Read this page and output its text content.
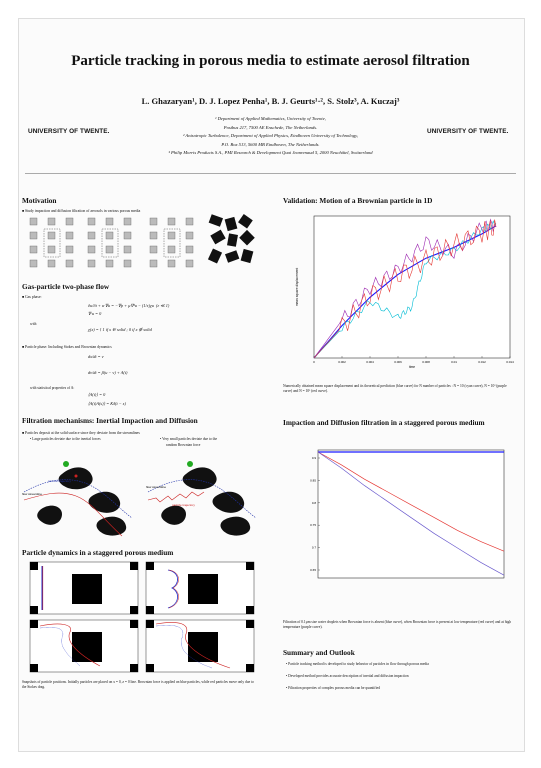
Particle tracking in porous media to estimate aerosol filtration
L. Ghazaryan¹, D. J. Lopez Penha¹, B. J. Geurts¹·², S. Stolz³, A. Kuczaj³
¹ Department of Applied Mathematics, University of Twente,
Postbus 217, 7500 AE Enschede, The Netherlands.
² Anisotropic Turbulence, Department of Applied Physics, Eindhoven University of Technology,
P.O. Box 513, 5600 MB Eindhoven, The Netherlands.
³ Philip Morris Products S.A., PMI Research & Development Quai Jeanrenaud 5, 2000 Neuchâtel, Switzerland
UNIVERSITY OF TWENTE.	UNIVERSITY OF TWENTE.
Motivation
■ Study impaction and diffusion filtration of aerosols in various porous media
Gas-particle two-phase flow
■ Gas phase:
∂u/∂t + u·∇u = −∇p + µ∇²u − (1/ε)χu  (ε ≪ 1)
∇·u = 0
with
χ(x) = { 1 if x ∈ solid ; 0 if x ∉ solid
■ Particle phase: Including Stokes and Brownian dynamics
dx/dt = v
dv/dt = β(u − v) + A(t)
with statistical properties of A:
⟨A(t)⟩ = 0
⟨A(t)A(s)⟩ = Kδ(t − s)
Filtration mechanisms: Inertial Impaction and Diffusion
■ Particles deposit at the solid surface since they deviate from the streamlines
• Large particles deviate due to the inertial forces
•	Very small particles deviate due to the
random Brownian force
flow streamline
particle trajectory
flow streamline
particle trajectory
Particle dynamics in a staggered porous medium
Snapshots of particle positions. Initially particles are placed on x = 0, z = 0 line. Brownian force is applied on blue particles, while red particles move only due to the Stokes drag.
Validation: Motion of a Brownian particle in 1D
0	0.002	0.004	0.006	0.008	0.01	0.012	0.014
time
mean square displacement
Numerically obtained mean square displacement and its theoretical prediction (blue curve) for N number of particles : N = 10 (cyan curve), N = 10² (purple curve) and N = 10³ (red curve).
Impaction and Diffusion filtration in a staggered porous medium
0.9
0.85
0.8
0.75
0.7
0.65
Filtration of 0.1µm size water droplets when Brownian force is absent (blue curve), when Brownian force is present at low temperature (red curve) and at high temperature (purple curve).
Summary and Outlook
• Particle tracking method is developed to study behavior of particles in flow through porous media
• Developed method provides accurate description of inertial and diffusion impaction
• Filtration properties of complex porous media can be quantified
